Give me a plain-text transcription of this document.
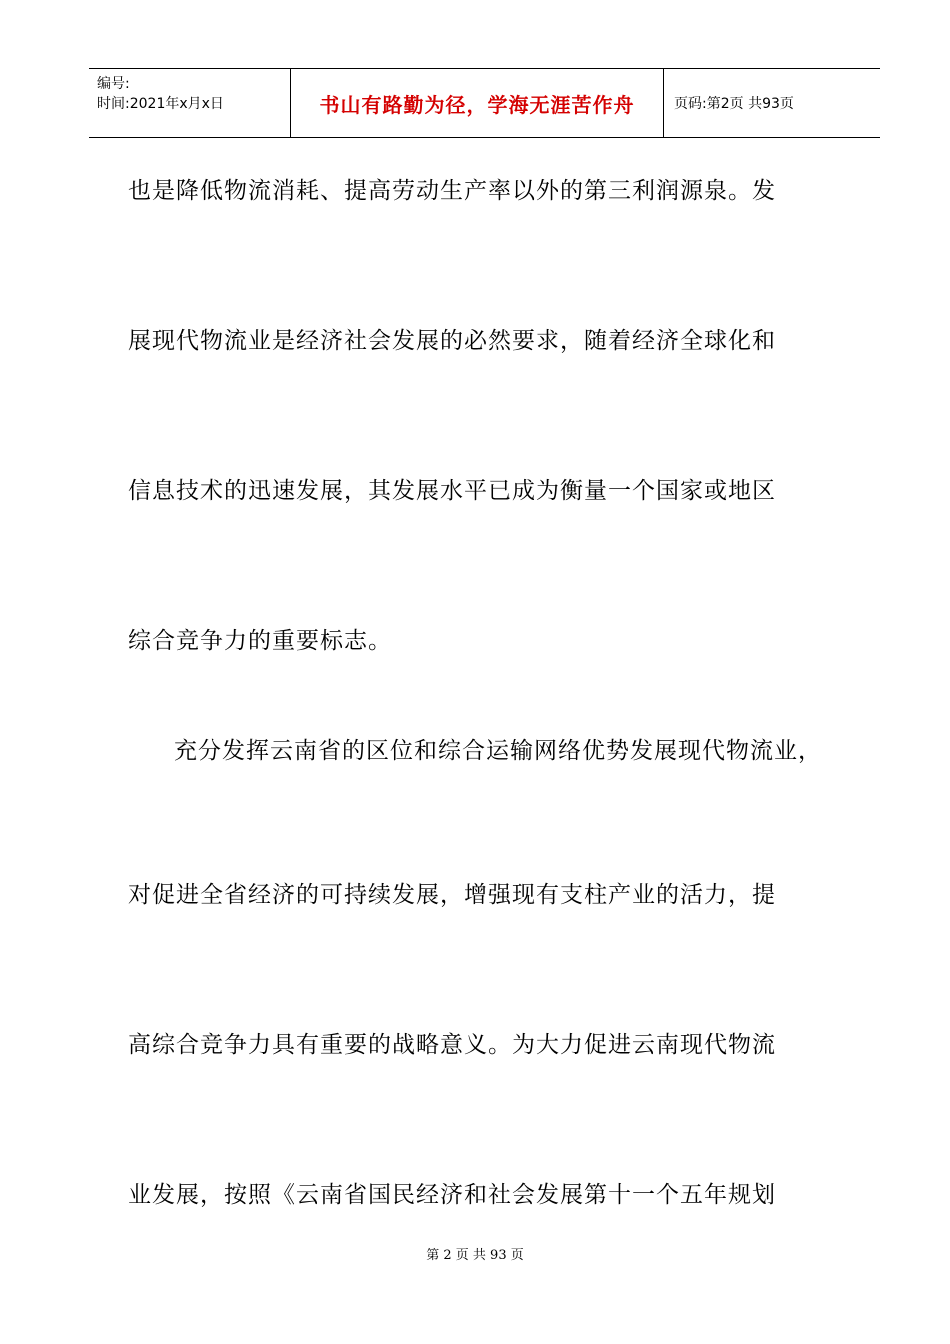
编号:
时间:2021年x月x日	书山有路勤为径，学海无涯苦作舟	页码:第2页 共93页
也是降低物流消耗、提高劳动生产率以外的第三利润源泉。发
展现代物流业是经济社会发展的必然要求，随着经济全球化和
信息技术的迅速发展，其发展水平已成为衡量一个国家或地区
综合竞争力的重要标志。
充分发挥云南省的区位和综合运输网络优势发展现代物流业，
对促进全省经济的可持续发展，增强现有支柱产业的活力，提
高综合竞争力具有重要的战略意义。为大力促进云南现代物流
业发展，按照《云南省国民经济和社会发展第十一个五年规划
第 2 页 共 93 页
